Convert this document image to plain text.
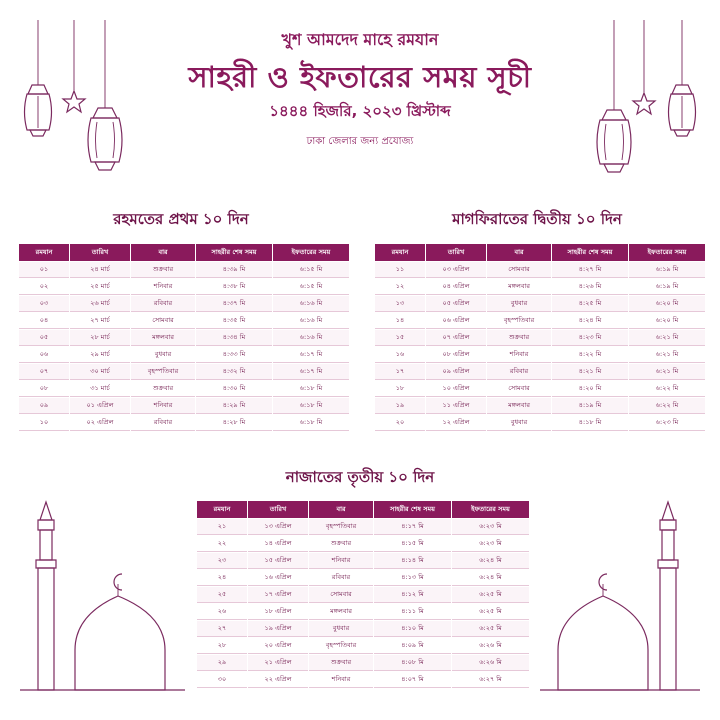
খুশ আমদেদ মাহে রমযান
সাহরী ও ইফতারের সময় সূচী
১৪৪৪ হিজরি, ২০২৩ খ্রিস্টাব্দ
ঢাকা জেলার জন্য প্রযোজ্য
রহমতের প্রথম ১০ দিন
রমযান	তারিখ	বার	সাহরীর শেষ সময়	ইফতারের সময়
০১	২৪ মার্চ	শুক্রবার	৪:৩৯ মি	৬:১৫ মি
০২	২৫ মার্চ	শনিবার	৪:৩৮ মি	৬:১৫ মি
০৩	২৬ মার্চ	রবিবার	৪:৩৭ মি	৬:১৬ মি
০৪	২৭ মার্চ	সোমবার	৪:৩৫ মি	৬:১৬ মি
০৫	২৮ মার্চ	মঙ্গলবার	৪:৩৪ মি	৬:১৬ মি
০৬	২৯ মার্চ	বুধবার	৪:৩৩ মি	৬:১৭ মি
০৭	৩০ মার্চ	বৃহস্পতিবার	৪:৩২ মি	৬:১৭ মি
০৮	৩১ মার্চ	শুক্রবার	৪:৩০ মি	৬:১৮ মি
০৯	০১ এপ্রিল	শনিবার	৪:২৯ মি	৬:১৮ মি
১০	০২ এপ্রিল	রবিবার	৪:২৮ মি	৬:১৮ মি
মাগফিরাতের দ্বিতীয় ১০ দিন
রমযান	তারিখ	বার	সাহরীর শেষ সময়	ইফতারের সময়
১১	০৩ এপ্রিল	সোমবার	৪:২৭ মি	৬:১৯ মি
১২	০৪ এপ্রিল	মঙ্গলবার	৪:২৬ মি	৬:১৯ মি
১৩	০৫ এপ্রিল	বুধবার	৪:২৫ মি	৬:২০ মি
১৪	০৬ এপ্রিল	বৃহস্পতিবার	৪:২৪ মি	৬:২০ মি
১৫	০৭ এপ্রিল	শুক্রবার	৪:২৩ মি	৬:২১ মি
১৬	০৮ এপ্রিল	শনিবার	৪:২২ মি	৬:২১ মি
১৭	০৯ এপ্রিল	রবিবার	৪:২১ মি	৬:২১ মি
১৮	১০ এপ্রিল	সোমবার	৪:২০ মি	৬:২২ মি
১৯	১১ এপ্রিল	মঙ্গলবার	৪:১৯ মি	৬:২২ মি
২০	১২ এপ্রিল	বুধবার	৪:১৮ মি	৬:২৩ মি
নাজাতের তৃতীয় ১০ দিন
রমযান	তারিখ	বার	সাহরীর শেষ সময়	ইফতারের সময়
২১	১৩ এপ্রিল	বৃহস্পতিবার	৪:১৭ মি	৬:২৩ মি
২২	১৪ এপ্রিল	শুক্রবার	৪:১৫ মি	৬:২৩ মি
২৩	১৫ এপ্রিল	শনিবার	৪:১৪ মি	৬:২৪ মি
২৪	১৬ এপ্রিল	রবিবার	৪:১৩ মি	৬:২৪ মি
২৫	১৭ এপ্রিল	সোমবার	৪:১২ মি	৬:২৫ মি
২৬	১৮ এপ্রিল	মঙ্গলবার	৪:১১ মি	৬:২৫ মি
২৭	১৯ এপ্রিল	বুধবার	৪:১০ মি	৬:২৫ মি
২৮	২০ এপ্রিল	বৃহস্পতিবার	৪:০৯ মি	৬:২৬ মি
২৯	২১ এপ্রিল	শুক্রবার	৪:০৮ মি	৬:২৬ মি
৩০	২২ এপ্রিল	শনিবার	৪:০৭ মি	৬:২৭ মি
